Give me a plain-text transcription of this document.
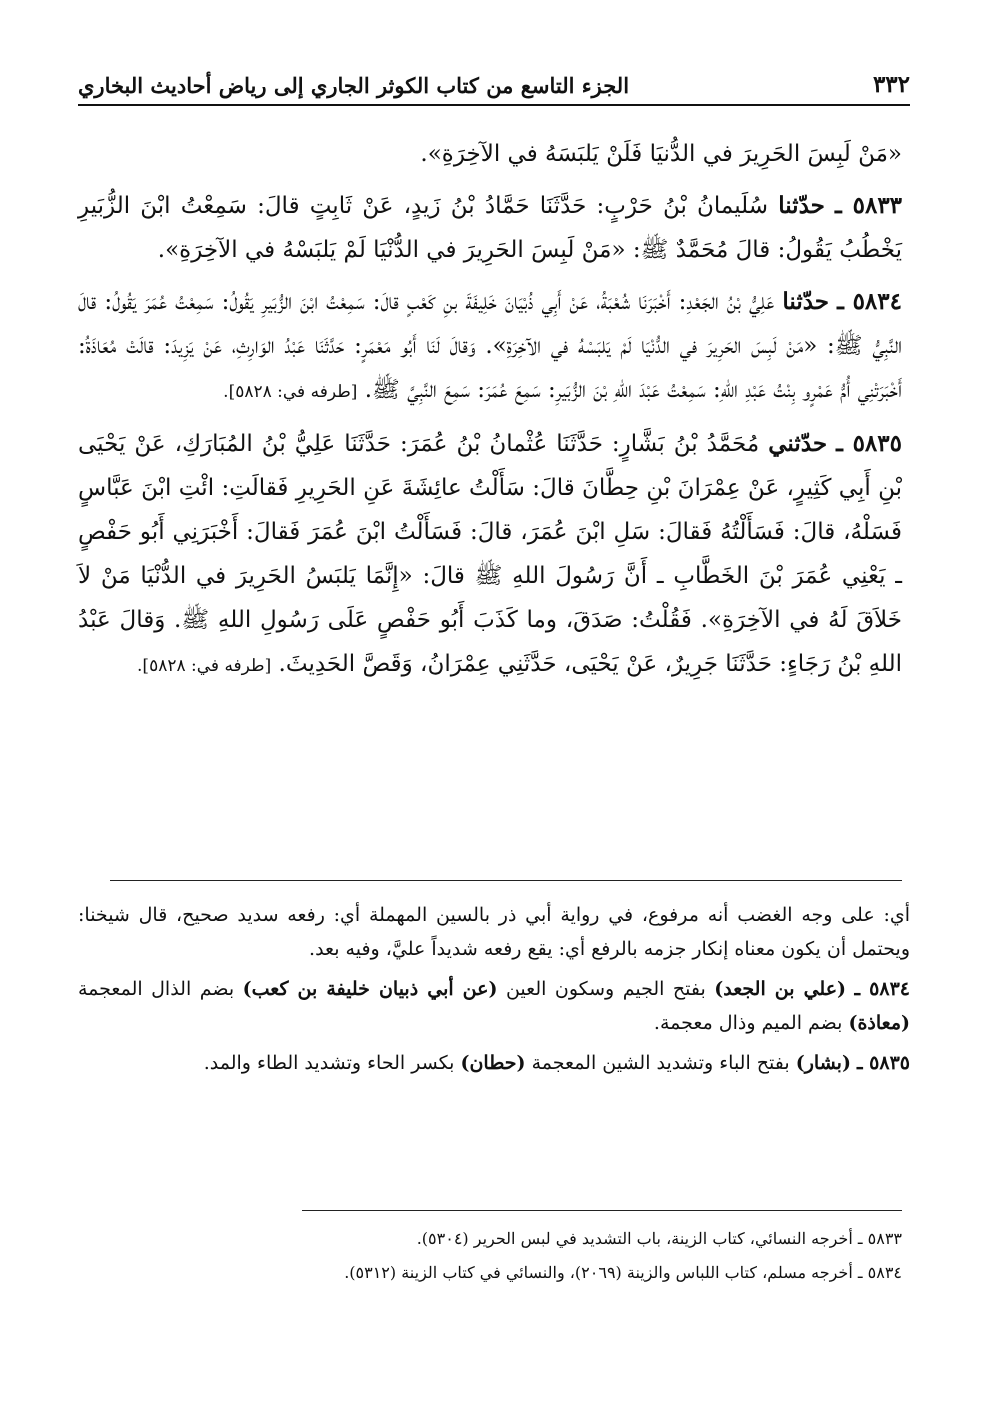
٣٣٢
الجزء التاسع من كتاب الكوثر الجاري إلى رياض أحاديث البخاري

«مَنْ لَبِسَ الحَرِيرَ في الدُّنيَا فَلَنْ يَلبَسَهُ في الآخِرَةِ».

٥٨٣٣ ـ حدّثنا سُلَيمانُ بْنُ حَرْبٍ: حَدَّثَنَا حَمَّادُ بْنُ زَيدٍ، عَنْ ثَابِتٍ قالَ: سَمِعْتُ ابْنَ الزُّبَيرِ يَخْطُبُ يَقُولُ: قالَ مُحَمَّدٌ ﷺ: «مَنْ لَبِسَ الحَرِيرَ في الدُّنْيَا لَمْ يَلبَسْهُ في الآخِرَةِ».

٥٨٣٤ ـ حدّثنا عَلِيُّ بْنُ الجَعْدِ: أَخْبَرَنَا شُعْبَةُ، عَنْ أَبِي ذُبْيَانَ خَلِيفَةَ بنِ كَعْبٍ قالَ: سَمِعْتُ ابْنَ الزُّبَيرِ يَقُولُ: سَمِعْتُ عُمَرَ يَقُولُ: قالَ النَّبِيُّ ﷺ: «مَنْ لَبِسَ الحَرِيرَ في الدُّنْيَا لَمْ يَلبَسْهُ في الآخِرَةِ». وَقالَ لَنَا أَبُو مَعْمَرٍ: حَدَّثَنَا عَبْدُ الوَارِثِ، عَنْ يَزِيدَ: قالَتْ مُعَاذَةُ: أَخْبَرَتْنِي أُمُّ عَمْرٍو بِنْتُ عَبْدِ اللهِ: سَمِعْتُ عَبْدَ اللهِ بْنَ الزُّبَيرِ: سَمِعَ عُمَرَ: سَمِعَ النَّبِيَّ ﷺ. [طرفه في: ٥٨٢٨].

٥٨٣٥ ـ حدّثني مُحَمَّدُ بْنُ بَشَّارٍ: حَدَّثَنَا عُثْمانُ بْنُ عُمَرَ: حَدَّثَنَا عَلِيُّ بْنُ المُبَارَكِ، عَنْ يَحْيَى بْنِ أَبِي كَثِيرٍ، عَنْ عِمْرَانَ بْنِ حِطَّانَ قالَ: سَأَلْتُ عائِشَةَ عَنِ الحَرِيرِ فَقالَتِ: ائْتِ ابْنَ عَبَّاسٍ فَسَلْهُ، قالَ: فَسَأَلْتُهُ فَقالَ: سَلِ ابْنَ عُمَرَ، قالَ: فَسَأَلْتُ ابْنَ عُمَرَ فَقالَ: أَخْبَرَنِي أَبُو حَفْصٍ ـ يَعْنِي عُمَرَ بْنَ الخَطَّابِ ـ أَنَّ رَسُولَ اللهِ ﷺ قالَ: «إِنَّمَا يَلبَسُ الحَرِيرَ في الدُّنْيَا مَنْ لاَ خَلاَقَ لَهُ في الآخِرَةِ». فَقُلْتُ: صَدَقَ، وما كَذَبَ أَبُو حَفْصٍ عَلَى رَسُولِ اللهِ ﷺ. وَقالَ عَبْدُ اللهِ بْنُ رَجَاءٍ: حَدَّثَنَا جَرِيرٌ، عَنْ يَحْيَى، حَدَّثَنِي عِمْرَانُ، وَقَصَّ الحَدِيثَ. [طرفه في: ٥٨٢٨].

أي: على وجه الغضب أنه مرفوع، في رواية أبي ذر بالسين المهملة أي: رفعه سديد صحيح، قال شيخنا: ويحتمل أن يكون معناه إنكار جزمه بالرفع أي: يقع رفعه شديداً عليَّ، وفيه بعد.

٥٨٣٤ ـ (علي بن الجعد) بفتح الجيم وسكون العين (عن أبي ذبيان خليفة بن كعب) بضم الذال المعجمة (معاذة) بضم الميم وذال معجمة.

٥٨٣٥ ـ (بشار) بفتح الباء وتشديد الشين المعجمة (حطان) بكسر الحاء وتشديد الطاء والمد.

٥٨٣٣ ـ أخرجه النسائي، كتاب الزينة، باب التشديد في لبس الحرير (٥٣٠٤).

٥٨٣٤ ـ أخرجه مسلم، كتاب اللباس والزينة (٢٠٦٩)، والنسائي في كتاب الزينة (٥٣١٢).
